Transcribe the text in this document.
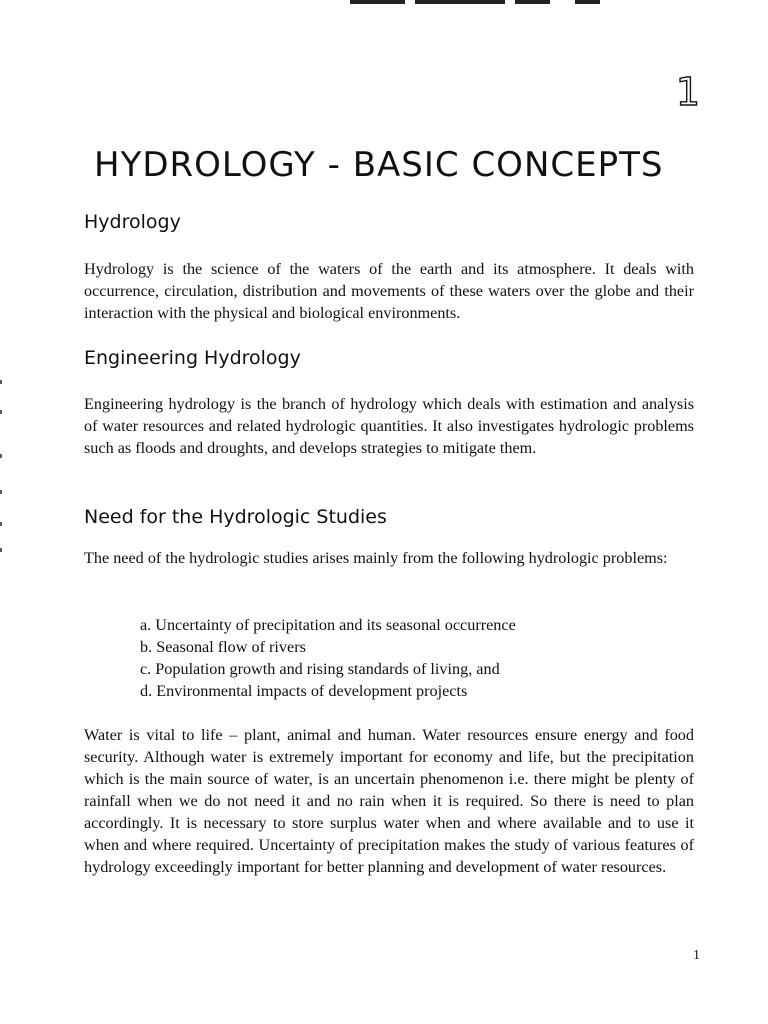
1
HYDROLOGY - BASIC CONCEPTS
Hydrology

Hydrology is the science of the waters of the earth and its atmosphere. It deals with occurrence, circulation, distribution and movements of these waters over the globe and their interaction with the physical and biological environments.

Engineering Hydrology

Engineering hydrology is the branch of hydrology which deals with estimation and analysis of water resources and related hydrologic quantities. It also investigates hydrologic problems such as floods and droughts, and develops strategies to mitigate them.

Need for the Hydrologic Studies

The need of the hydrologic studies arises mainly from the following hydrologic problems:

a. Uncertainty of precipitation and its seasonal occurrence
b. Seasonal flow of rivers
c. Population growth and rising standards of living, and
d. Environmental impacts of development projects

Water is vital to life – plant, animal and human. Water resources ensure energy and food security. Although water is extremely important for economy and life, but the precipitation which is the main source of water, is an uncertain phenomenon i.e. there might be plenty of rainfall when we do not need it and no rain when it is required. So there is need to plan accordingly. It is necessary to store surplus water when and where available and to use it when and where required. Uncertainty of precipitation makes the study of various features of hydrology exceedingly important for better planning and development of water resources.

1
